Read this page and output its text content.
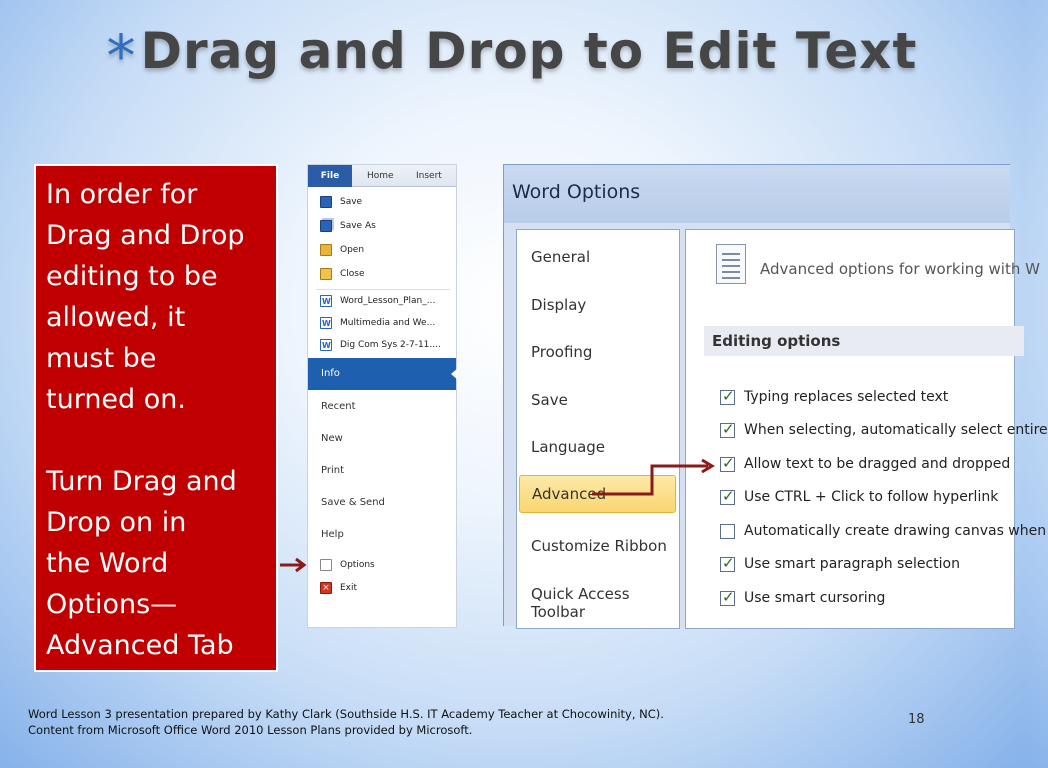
*Drag and Drop to Edit Text

In order for
Drag and Drop
editing to be
allowed, it
must be
turned on.

Turn Drag and
Drop on in
the Word
Options—
Advanced Tab

File	Home Insert
Save
Save As
Open
Close
W
Word_Lesson_Plan_...
W
Multimedia and We...
W
Dig Com Sys 2-7-11....
Info
Recent
New
Print
Save & Send
Help
Options
× Exit
Word Options
General
Display
Proofing
Save
Language
Advanced
Customize Ribbon
Quick Access Toolbar
Advanced options for working with W
Editing options
✓
Typing replaces selected text
✓
When selecting, automatically select entire
✓
Allow text to be dragged and dropped
✓
Use CTRL + Click to follow hyperlink
Automatically create drawing canvas when
✓
Use smart paragraph selection
✓
Use smart cursoring
Word Lesson 3 presentation prepared by Kathy Clark (Southside H.S. IT Academy Teacher at Chocowinity, NC). Content from Microsoft Office Word 2010 Lesson Plans provided by Microsoft.
18
